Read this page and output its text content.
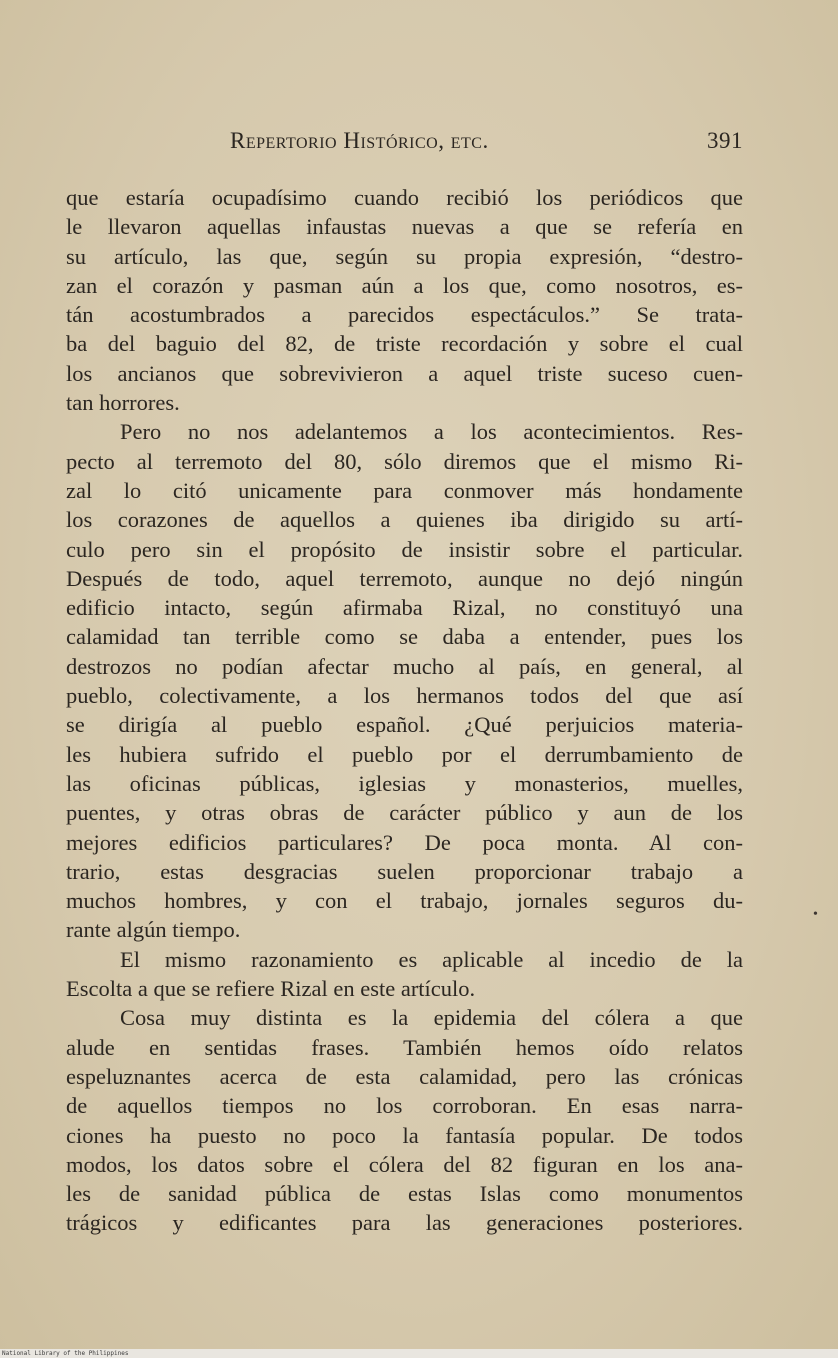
Repertorio Histórico, etc.	391
que estaría ocupadísimo cuando recibió los periódicos que
le llevaron aquellas infaustas nuevas a que se refería en
su artículo, las que, según su propia expresión, “destro-
zan el corazón y pasman aún a los que, como nosotros, es-
tán acostumbrados a parecidos espectáculos.” Se trata-
ba del baguio del 82, de triste recordación y sobre el cual
los ancianos que sobrevivieron a aquel triste suceso cuen-
tan horrores.
Pero no nos adelantemos a los acontecimientos. Res-
pecto al terremoto del 80, sólo diremos que el mismo Ri-
zal lo citó unicamente para conmover más hondamente
los corazones de aquellos a quienes iba dirigido su artí-
culo pero sin el propósito de insistir sobre el particular.
Después de todo, aquel terremoto, aunque no dejó ningún
edificio intacto, según afirmaba Rizal, no constituyó una
calamidad tan terrible como se daba a entender, pues los
destrozos no podían afectar mucho al país, en general, al
pueblo, colectivamente, a los hermanos todos del que así
se dirigía al pueblo español. ¿Qué perjuicios materia-
les hubiera sufrido el pueblo por el derrumbamiento de
las oficinas públicas, iglesias y monasterios, muelles,
puentes, y otras obras de carácter público y aun de los
mejores edificios particulares? De poca monta. Al con-
trario, estas desgracias suelen proporcionar trabajo a
muchos hombres, y con el trabajo, jornales seguros du-
rante algún tiempo.
El mismo razonamiento es aplicable al incedio de la
Escolta a que se refiere Rizal en este artículo.
Cosa muy distinta es la epidemia del cólera a que
alude en sentidas frases. También hemos oído relatos
espeluznantes acerca de esta calamidad, pero las crónicas
de aquellos tiempos no los corroboran. En esas narra-
ciones ha puesto no poco la fantasía popular. De todos
modos, los datos sobre el cólera del 82 figuran en los ana-
les de sanidad pública de estas Islas como monumentos
trágicos y edificantes para las generaciones posteriores.
•
National Library of the Philippines
